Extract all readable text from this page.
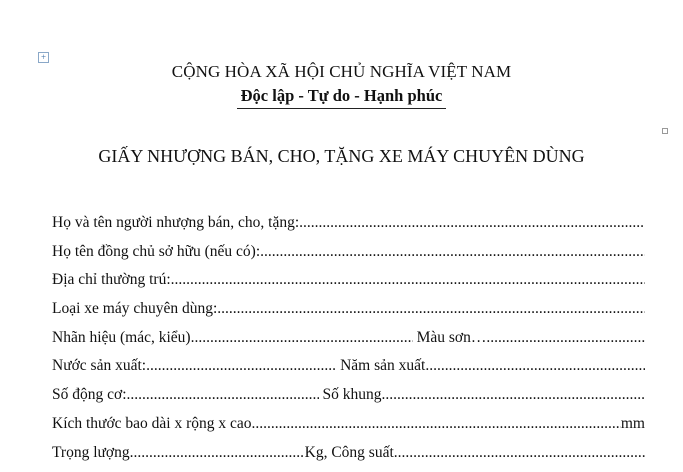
+
CỘNG HÒA XÃ HỘI CHỦ NGHĨA VIỆT NAM
Độc lập - Tự do - Hạnh phúc
GIẤY NHƯỢNG BÁN, CHO, TẶNG XE MÁY CHUYÊN DÙNG
Họ và tên người nhượng bán, cho, tặng:
.....
Họ tên đồng chủ sở hữu (nếu có):
.....
Địa chỉ thường trú:
.....
Loại xe máy chuyên dùng:
.....
Nhãn hiệu (mác, kiểu) .....	Màu sơn…
.....
Nước sản xuất: .....	Năm sản xuất
.....
Số động cơ: .....	Số khung
.....
Kích thước bao dài x rộng x cao .....	mm
Trọng lượng .....	Kg, Công suất
.....
